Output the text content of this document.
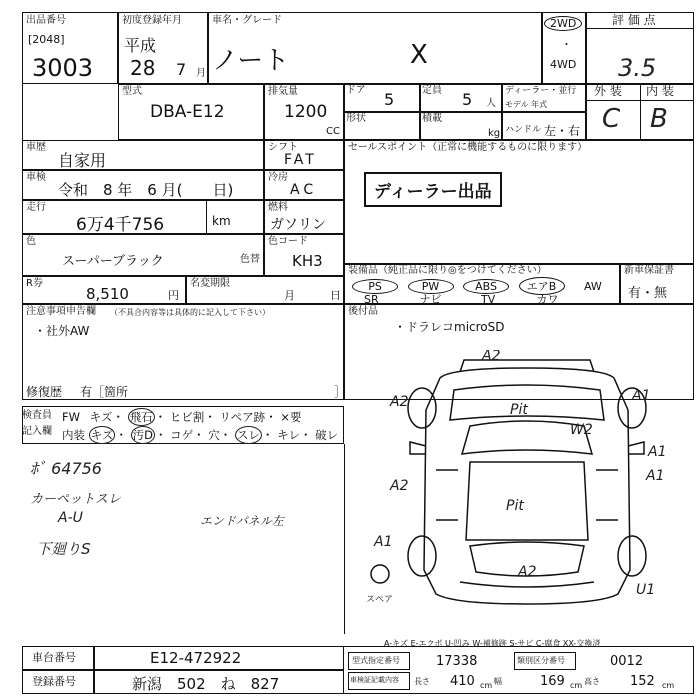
出品番号
[2048]
3003
初度登録年月
平成
28 7 月
車名・グレード
ノート	X
2WD
・
4WD
評 価 点
3.5
型式
DBA-E12
排気量
1200
CC
ドア 5	定員 5 人
ディーラー・並行
モデル 年式
形状	積載
kg ハンドル 左・右
外 装 内 装
C B
車歴
自家用
車検
令和　8 年　6 月(　　日)
走行
6万4千756	km
色
スーパーブラック	色替
R券
8,510	円
名変期限
月	日
シフト
FAT
冷房
AC
燃料
ガソリン
色コード
KH3
セールスポイント（正常に機能するものに限ります）
ディーラー出品
装備品（純正品に限り◎をつけてください）
PS	PW	ABS	エアB	AW
SR	ナビ	TV	カワ
新車保証書
有・無
注意事項申告欄 （不具合内容等は具体的に記入して下さい）
・社外AW
修復歴 有［箇所	］
後付品
・ドラレコmicroSD
検査員
記入欄
FW キズ・ 飛石 ・ ヒビ割・ リペア跡・ ×要
内装 キズ ・ 汚D ・ コゲ・ 穴・ スレ ・ キレ・ 破レ
ﾎﾞ 64756
カーペットスレ
A-U	エンドパネル左
下廻りS
A2
A2	A1
A1
A2
W2
A1
A1
A2
U1
Pit
Pit
スペア
A-キズ E-エクボ U-凹み W-補修跡 S-サビ C-腐食 XX-交換済
車台番号	E12-472922
登録番号	新潟　502　ね　827
型式指定番号	17338	類別区分番号	0012
車検証記載内容 長さ 410 cm 幅	169 cm 高さ 152 cm
